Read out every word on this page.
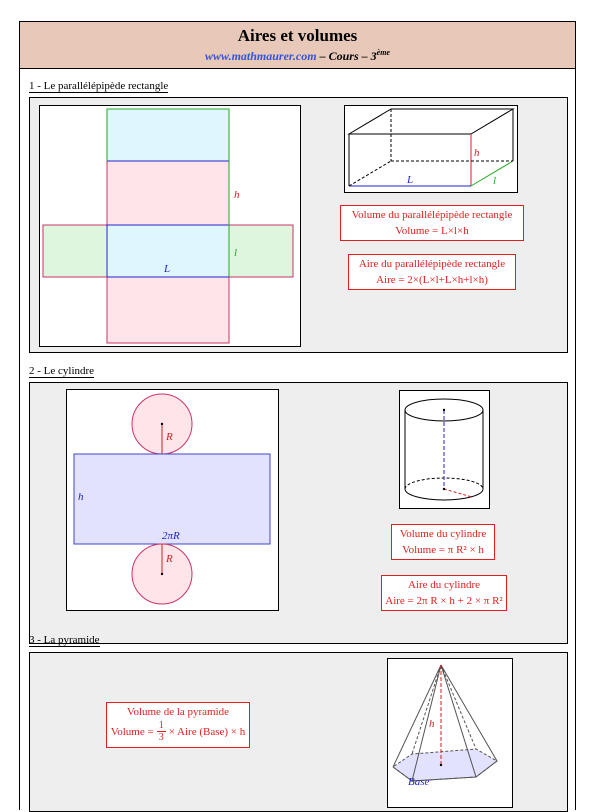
Aires et volumes
www.mathmaurer.com – Cours – 3ème
1 - Le parallélépipède rectangle
h
l
L
h
L	l
Volume du parallélépipède rectangle
Volume = L×l×h
Aire du parallélépipède rectangle
Aire = 2×(L×l+L×h+l×h)
2 - Le cylindre
R
h
2πR
R
Volume du cylindre
Volume = π R² × h
Aire du cylindre
Aire = 2π R × h + 2 × π R²
3 - La pyramide
Volume de la pyramide
Volume = $\frac{1}{3}$ × Aire (Base) × h
h
Base
